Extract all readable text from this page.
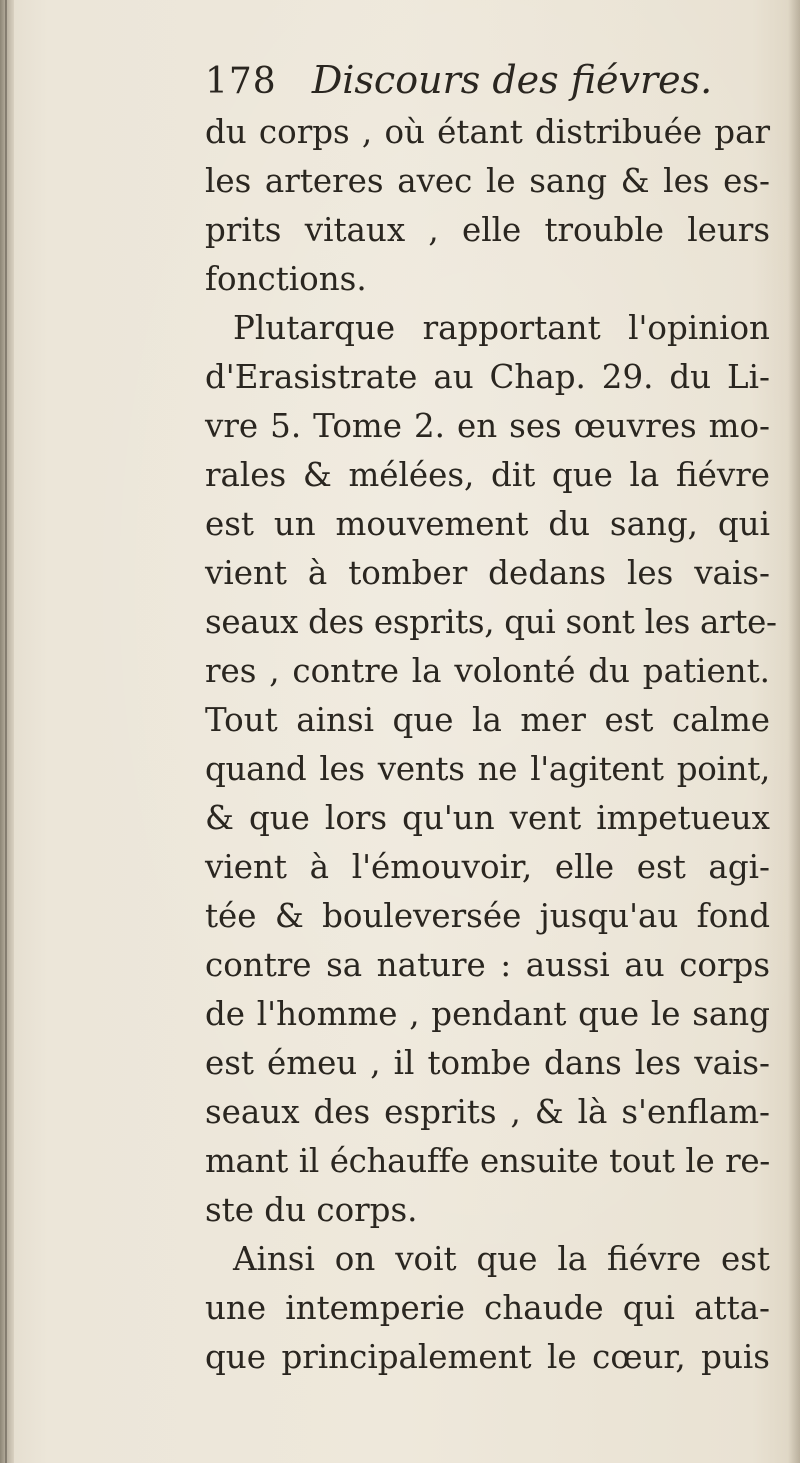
178 Discours des fiévres.
du corps , où étant distribuée par
les arteres avec le sang & les es-
prits vitaux , elle trouble leurs
fonctions.
Plutarque rapportant l'opinion
d'Erasistrate au Chap. 29. du Li-
vre 5. Tome 2. en ses œuvres mo-
rales & mélées, dit que la fiévre
est un mouvement du sang, qui
vient à tomber dedans les vais-
seaux des esprits, qui sont les arte-
res , contre la volonté du patient.
Tout ainsi que la mer est calme
quand les vents ne l'agitent point,
& que lors qu'un vent impetueux
vient à l'émouvoir, elle est agi-
tée & bouleversée jusqu'au fond
contre sa nature : aussi au corps
de l'homme , pendant que le sang
est émeu , il tombe dans les vais-
seaux des esprits , & là s'enflam-
mant il échauffe ensuite tout le re-
ste du corps.
Ainsi on voit que la fiévre est
une intemperie chaude qui atta-
que principalement le cœur, puis
